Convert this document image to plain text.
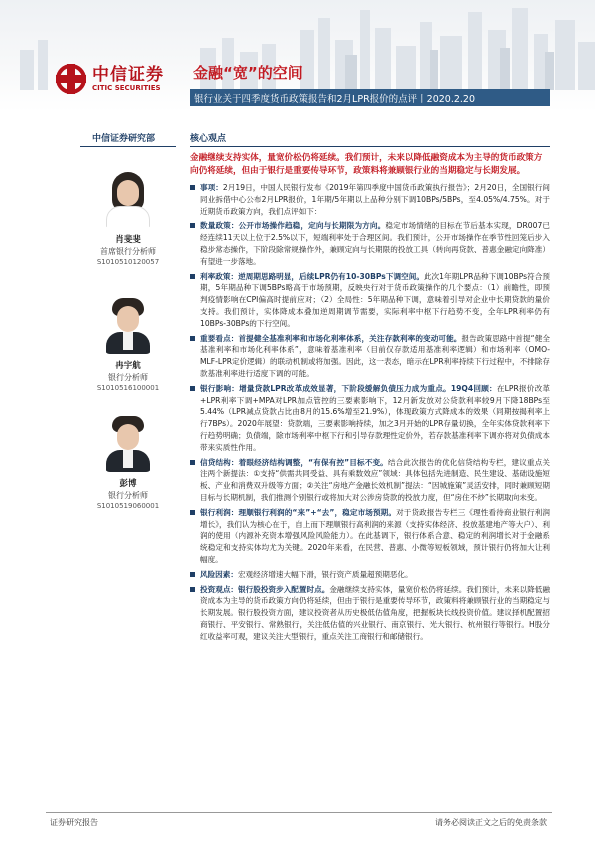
中信证券
CITIC SECURITIES
金融“宽”的空间
银行业关于四季度货币政策报告和2月LPR报价的点评丨2020.2.20
中信证券研究部	核心观点
肖斐斐
首席银行分析师
S1010510120057
冉宇航
银行分析师
S1010516100001
彭博
银行分析师
S1010519060001
金融继续支持实体，量宽价松仍将延续。我们预计，未来以降低融资成本为主导的货币政策方向仍将延续，但由于银行是重要传导环节，政策料将兼顾银行业的当期稳定与长期发展。
事项：2月19日，中国人民银行发布《2019年第四季度中国货币政策执行报告》；2月20日，全国银行间同业拆借中心公布2月LPR报价，1年期/5年期以上品种分别下调10BPs/5BPs，至4.05%/4.75%。对于近期货币政策方向，我们点评如下：
数量政策：公开市场操作趋稳，定向与长期限为方向。稳定市场情绪的目标在节后基本实现，DR007已经连续11天以上位于2.5%以下，短端利率处于合理区间。我们预计，公开市场操作在季节性回笼后步入稳步常态操作，下阶段除常规操作外，兼顾定向与长期限的投放工具（转向再贷款、普惠金融定向降准）有望进一步落地。
利率政策：逆周期思路明显，后续LPR仍有10-30BPs下调空间。此次1年期LPR品种下调10BPs符合预期，5年期品种下调5BPs略高于市场预期，反映央行对于货币政策操作的几个要点：（1）前瞻性，即预判疫情影响在CPI偏高时提前应对；（2）全局性：5年期品种下调，意味着引导对企业中长期贷款的量价支持。我们预计，实体降成本叠加逆周期调节需要，实际利率中枢下行趋势不变，全年LPR利率仍有10BPs-30BPs的下行空间。
重要看点：首提健全基准利率和市场化利率体系，关注存款利率的变动可能。报告政策思路中首提“健全基准利率和市场化利率体系”，意味着基准利率（目前仅存款适用基准利率逻辑）和市场利率（OMO-MLF-LPR定价逻辑）的联动机制或将加强。因此，这一表态，暗示在LPR利率持续下行过程中，不排除存款基准利率进行适度下调的可能。
银行影响：增量贷款LPR改革成效显著，下阶段缓解负债压力成为重点。19Q4回顾：在LPR报价改革+LPR利率下调+MPA对LPR加点管控的三要素影响下，12月新发放对公贷款利率较9月下降18BPs至5.44%（LPR减点贷款占比由8月的15.6%增至21.9%），体现政策方式降成本的效果（同期按揭利率上行7BPs）。2020年展望：贷款端，三要素影响持续，加之3月开始的LPR存量切换，全年实体贷款利率下行趋势明确；负债端，除市场利率中枢下行和引导存款理性定价外，若存款基准利率下调亦将对负债成本带来实质性作用。
信贷结构：着眼经济结构调整，“有保有控”目标不变。结合此次报告的优化信贷结构专栏，建议重点关注两个新提法：①支持“供需共同受益、具有乘数效应”领域：具体包括先进制造、民生建设、基础设施短板、产业和消费双升级等方面；②关注“房地产金融长效机制”提法：“因城施策”灵活安排，同时兼顾短期目标与长期机制，我们推测个别银行或将加大对公涉房贷款的投放力度，但“房住不炒”长期取向未变。
银行利润：理顺银行利润的“来”+“去”，稳定市场预期。对于货政报告专栏三《理性看待商业银行利润增长》，我们认为核心在于，自上而下理顺银行高利润的来源（支持实体经济、投放基建地产等大户）、利润的使用（内源补充资本增强风险风险能力）。在此基调下，银行体系合意、稳定的利润增长对于金融系统稳定和支持实体均尤为关键。2020年来看，在民营、普惠、小微等短板领域，预计银行仍将加大让利幅度。
风险因素：宏观经济增速大幅下滑，银行资产质量超预期恶化。
投资观点：银行股投资步入配置时点。金融继续支持实体，量宽价松仍将延续。我们预计，未来以降低融资成本为主导的货币政策方向仍将延续，但由于银行是重要传导环节，政策料将兼顾银行业的当期稳定与长期发展。银行股投资方面，建议投资者从历史极低估值角度，把握板块长线投资价值。建议择机配置招商银行、平安银行、常熟银行，关注低估值的兴业银行、南京银行、光大银行、杭州银行等银行。H股分红收益率可观，建议关注大型银行，重点关注工商银行和邮储银行。
证券研究报告	请务必阅读正文之后的免责条款
